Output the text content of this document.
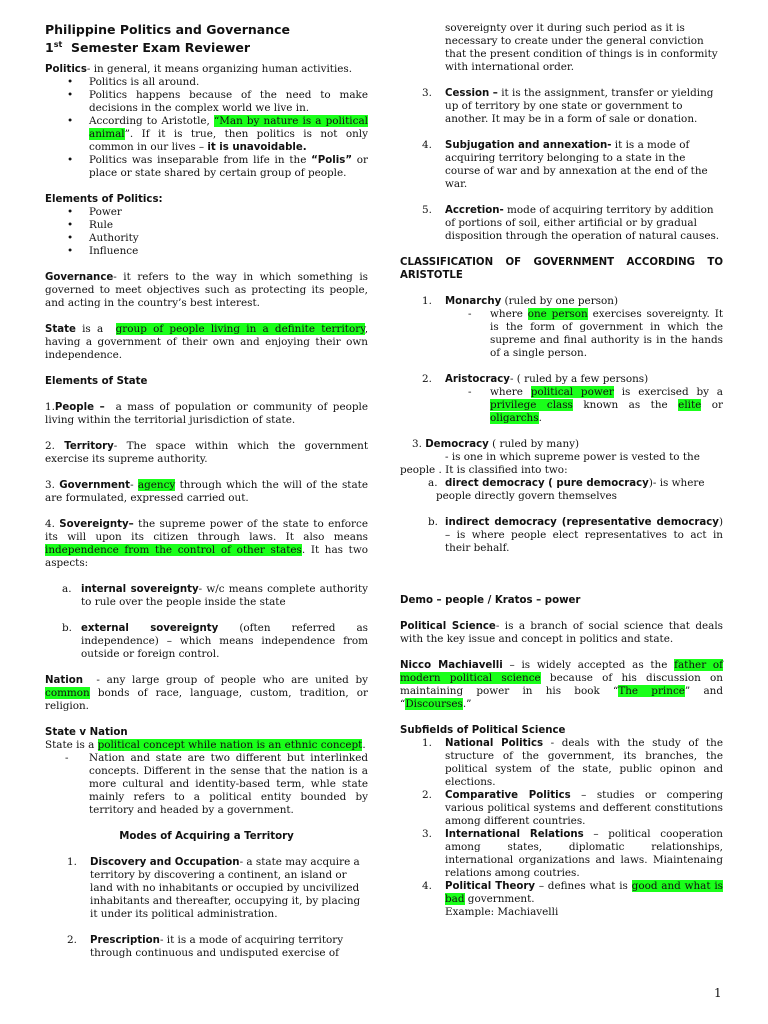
Philippine Politics and Governance
1st  Semester Exam Reviewer

Politics- in general, it means organizing human activities.

• Politics is all around.
• Politics happens because of the need to make decisions in the complex world we live in.
• According to Aristotle, “Man by nature is a political animal”. If it is true, then politics is not only common in our lives – it is unavoidable.
• Politics was inseparable from life in the “Polis” or place or state shared by certain group of people.

Elements of Politics:

• Power
• Rule
• Authority
• Influence

Governance- it refers to the way in which something is governed to meet objectives such as protecting its people, and acting in the country’s best interest.

State is a  group of people living in a definite territory, having a government of their own and enjoying their own independence.

Elements of State

1.People –  a mass of population or community of people living within the territorial jurisdiction of state.

2. Territory- The space within which the government exercise its supreme authority.

3. Government- agency through which the will of the state are formulated, expressed carried out.

4. Sovereignty– the supreme power of the state to enforce its will upon its citizen through laws. It also means independence from the control of other states. It has two aspects:

a. internal sovereignty- w/c means complete authority to rule over the people inside the state
b. external sovereignty (often referred as independence) – which means independence from outside or foreign control.

Nation  - any large group of people who are united by common bonds of race, language, custom, tradition, or religion.

State v Nation

State is a political concept while nation is an ethnic concept.

- Nation and state are two different but interlinked concepts. Different in the sense that the nation is a more cultural and identity-based term, whle state mainly refers to a political entity bounded by territory and headed by a government.

Modes of Acquiring a Territory

1. Discovery and Occupation- a state may acquire a territory by discovering a continent, an island or land with no inhabitants or occupied by uncivilized inhabitants and thereafter, occupying it, by placing it under its political administration.
2. Prescription- it is a mode of acquiring territory through continuous and undisputed exercise of
sovereignty over it during such period as it is necessary to create under the general conviction that the present condition of things is in conformity with international order.
3. Cession – it is the assignment, transfer or yielding up of territory by one state or government to another. It may be in a form of sale or donation.
4. Subjugation and annexation- it is a mode of acquiring territory belonging to a state in the course of war and by annexation at the end of the war.
5. Accretion- mode of acquiring territory by addition of portions of soil, either artificial or by gradual disposition through the operation of natural causes.

CLASSIFICATION  OF  GOVERNMENT  ACCORDING  TO ARISTOTLE

1. Monarchy (ruled by one person)
- where one person exercises sovereignty. It is the form of government in which the supreme and final authority is in the hands of a single person.
2. Aristocracy- ( ruled by a few persons)
- where political power is exercised by a privilege class known as the elite or oligarchs.

3. Democracy ( ruled by many)

- is one in which supreme power is vested to the

people . It is classified into two:

a. direct democracy ( pure democracy)- is where

people directly govern themselves

b. indirect democracy (representative democracy) – is where people elect representatives to act in their behalf.

Demo – people / Kratos – power

Political Science- is a branch of social science that deals with the key issue and concept in politics and state.

Nicco Machiavelli – is widely accepted as the father of modern political science because of his discussion on maintaining power in his book “The prince” and “Discourses.”

Subfields of Political Science

1. National Politics - deals with the study of the structure of the government, its branches, the political system of the state, public opinon and elections.
2. Comparative Politics – studies or compering various political systems and defferent constitutions among different countries.
3. International Relations – political cooperation among states, diplomatic relationships, international organizations and laws. Miaintenaing relations among coutries.
4. Political Theory – defines what is good and what is bad government.

Example: Machiavelli

1
